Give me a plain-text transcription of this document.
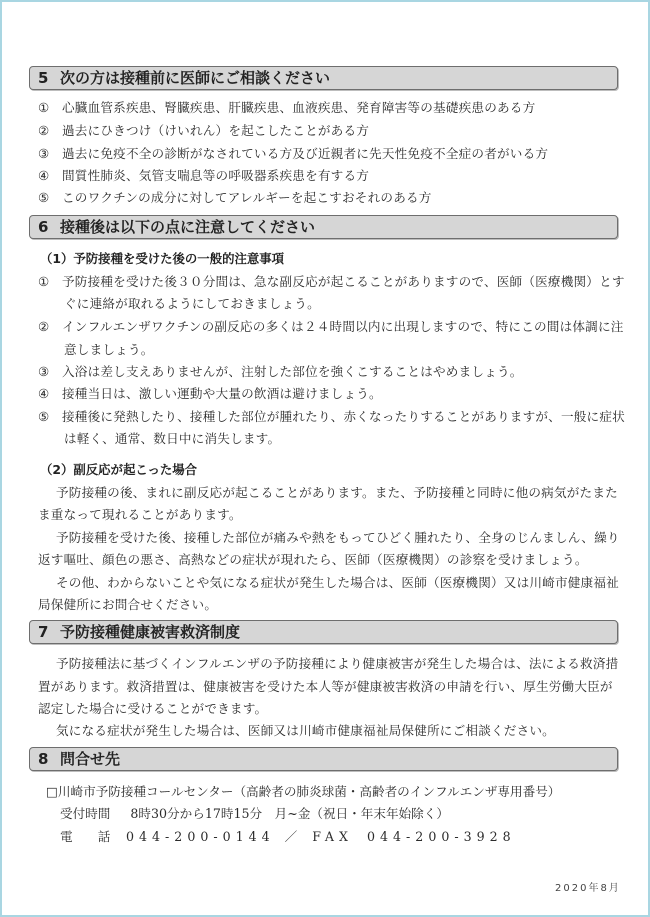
5 次の方は接種前に医師にご相談ください
① 心臓血管系疾患、腎臓疾患、肝臓疾患、血液疾患、発育障害等の基礎疾患のある方
② 過去にひきつけ（けいれん）を起こしたことがある方
③ 過去に免疫不全の診断がなされている方及び近親者に先天性免疫不全症の者がいる方
④ 間質性肺炎、気管支喘息等の呼吸器系疾患を有する方
⑤ このワクチンの成分に対してアレルギーを起こすおそれのある方
6 接種後は以下の点に注意してください
（1）予防接種を受けた後の一般的注意事項
① 予防接種を受けた後３０分間は、急な副反応が起こることがありますので、医師（医療機関）とす
ぐに連絡が取れるようにしておきましょう。
② インフルエンザワクチンの副反応の多くは２４時間以内に出現しますので、特にこの間は体調に注
意しましょう。
③ 入浴は差し支えありませんが、注射した部位を強くこすることはやめましょう。
④ 接種当日は、激しい運動や大量の飲酒は避けましょう。
⑤ 接種後に発熱したり、接種した部位が腫れたり、赤くなったりすることがありますが、一般に症状
は軽く、通常、数日中に消失します。
（2）副反応が起こった場合
予防接種の後、まれに副反応が起こることがあります。また、予防接種と同時に他の病気がたまた
ま重なって現れることがあります。
予防接種を受けた後、接種した部位が痛みや熱をもってひどく腫れたり、全身のじんましん、繰り
返す嘔吐、顔色の悪さ、高熱などの症状が現れたら、医師（医療機関）の診察を受けましょう。
その他、わからないことや気になる症状が発生した場合は、医師（医療機関）又は川崎市健康福祉
局保健所にお問合せください。
7 予防接種健康被害救済制度
予防接種法に基づくインフルエンザの予防接種により健康被害が発生した場合は、法による救済措
置があります。救済措置は、健康被害を受けた本人等が健康被害救済の申請を行い、厚生労働大臣が
認定した場合に受けることができます。
気になる症状が発生した場合は、医師又は川崎市健康福祉局保健所にご相談ください。
8 問合せ先
□川崎市予防接種コールセンター（高齢者の肺炎球菌・高齢者のインフルエンザ専用番号）
受付時間 8時30分から17時15分　月~金（祝日・年末年始除く）
電　　話 044-200-0144 ／ FAX 044-200-3928
2020年8月
